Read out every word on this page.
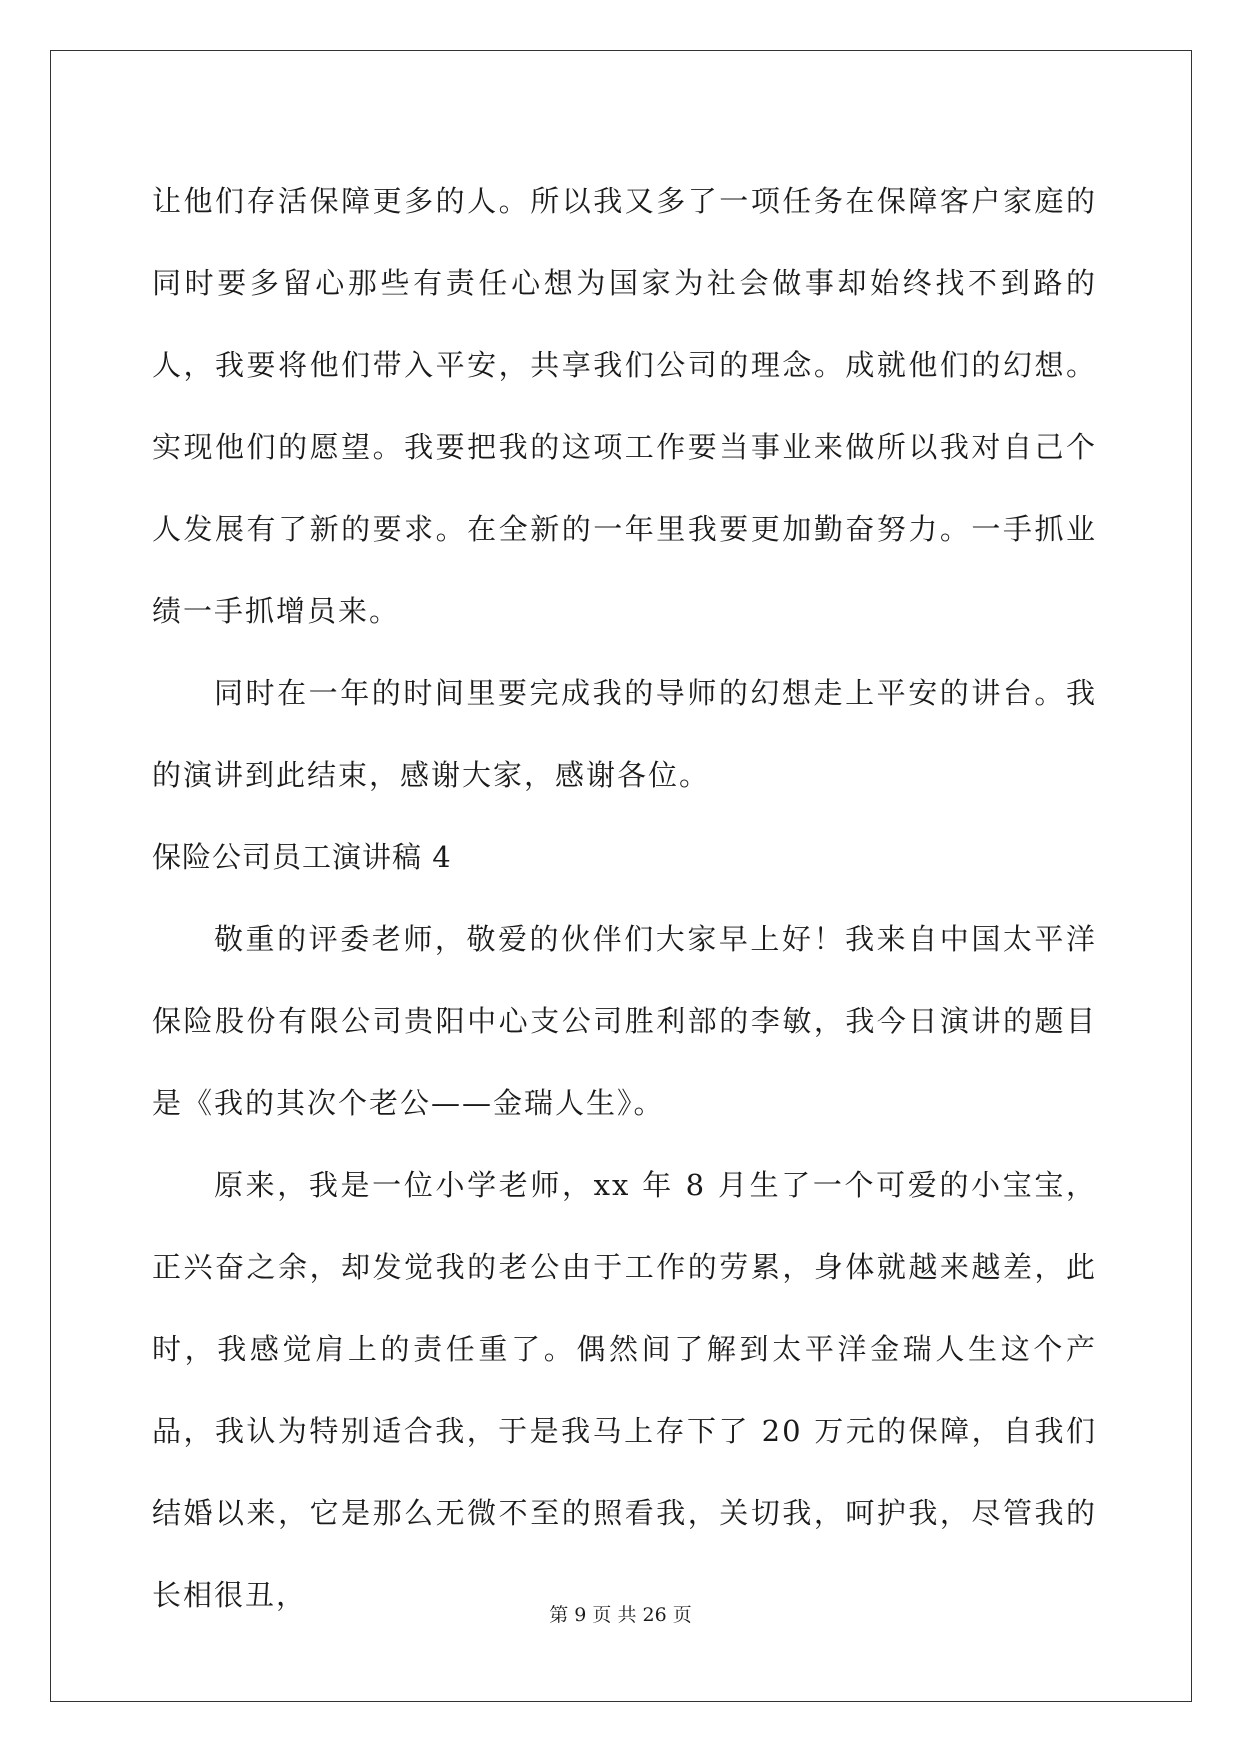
让他们存活保障更多的人。所以我又多了一项任务在保障客户家庭的同时要多留心那些有责任心想为国家为社会做事却始终找不到路的人，我要将他们带入平安，共享我们公司的理念。成就他们的幻想。实现他们的愿望。我要把我的这项工作要当事业来做所以我对自己个人发展有了新的要求。在全新的一年里我要更加勤奋努力。一手抓业绩一手抓增员来。

同时在一年的时间里要完成我的导师的幻想走上平安的讲台。我的演讲到此结束，感谢大家，感谢各位。

保险公司员工演讲稿 4

敬重的评委老师，敬爱的伙伴们大家早上好！我来自中国太平洋保险股份有限公司贵阳中心支公司胜利部的李敏，我今日演讲的题目是《我的其次个老公——金瑞人生》。

原来，我是一位小学老师，xx 年 8 月生了一个可爱的小宝宝，正兴奋之余，却发觉我的老公由于工作的劳累，身体就越来越差，此时，我感觉肩上的责任重了。偶然间了解到太平洋金瑞人生这个产品，我认为特别适合我，于是我马上存下了 20 万元的保障，自我们结婚以来，它是那么无微不至的照看我，关切我，呵护我，尽管我的长相很丑，

第 9 页 共 26 页
